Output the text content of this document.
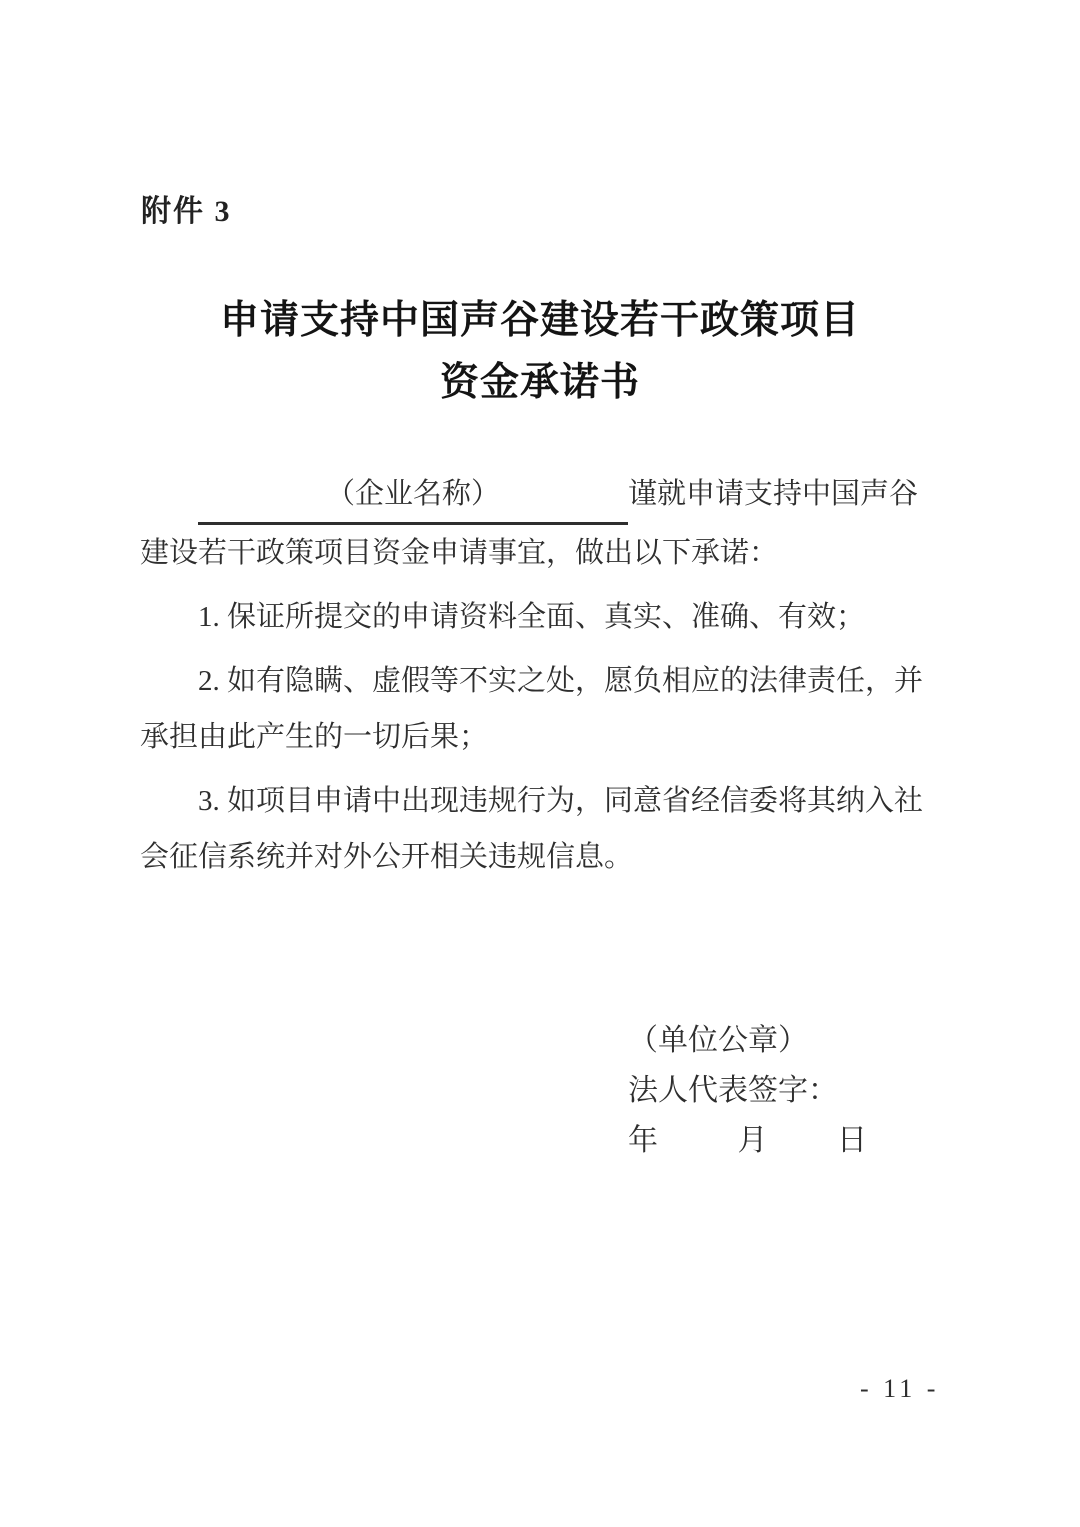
附件 3
申请支持中国声谷建设若干政策项目
资金承诺书

（企业名称）	谨就申请支持中国声谷
建设若干政策项目资金申请事宜，做出以下承诺：

1. 保证所提交的申请资料全面、真实、准确、有效；

2. 如有隐瞒、虚假等不实之处，愿负相应的法律责任，并
承担由此产生的一切后果；

3. 如项目申请中出现违规行为，同意省经信委将其纳入社
会征信系统并对外公开相关违规信息。

（单位公章）
法人代表签字：
年	月 日
- 11 -
